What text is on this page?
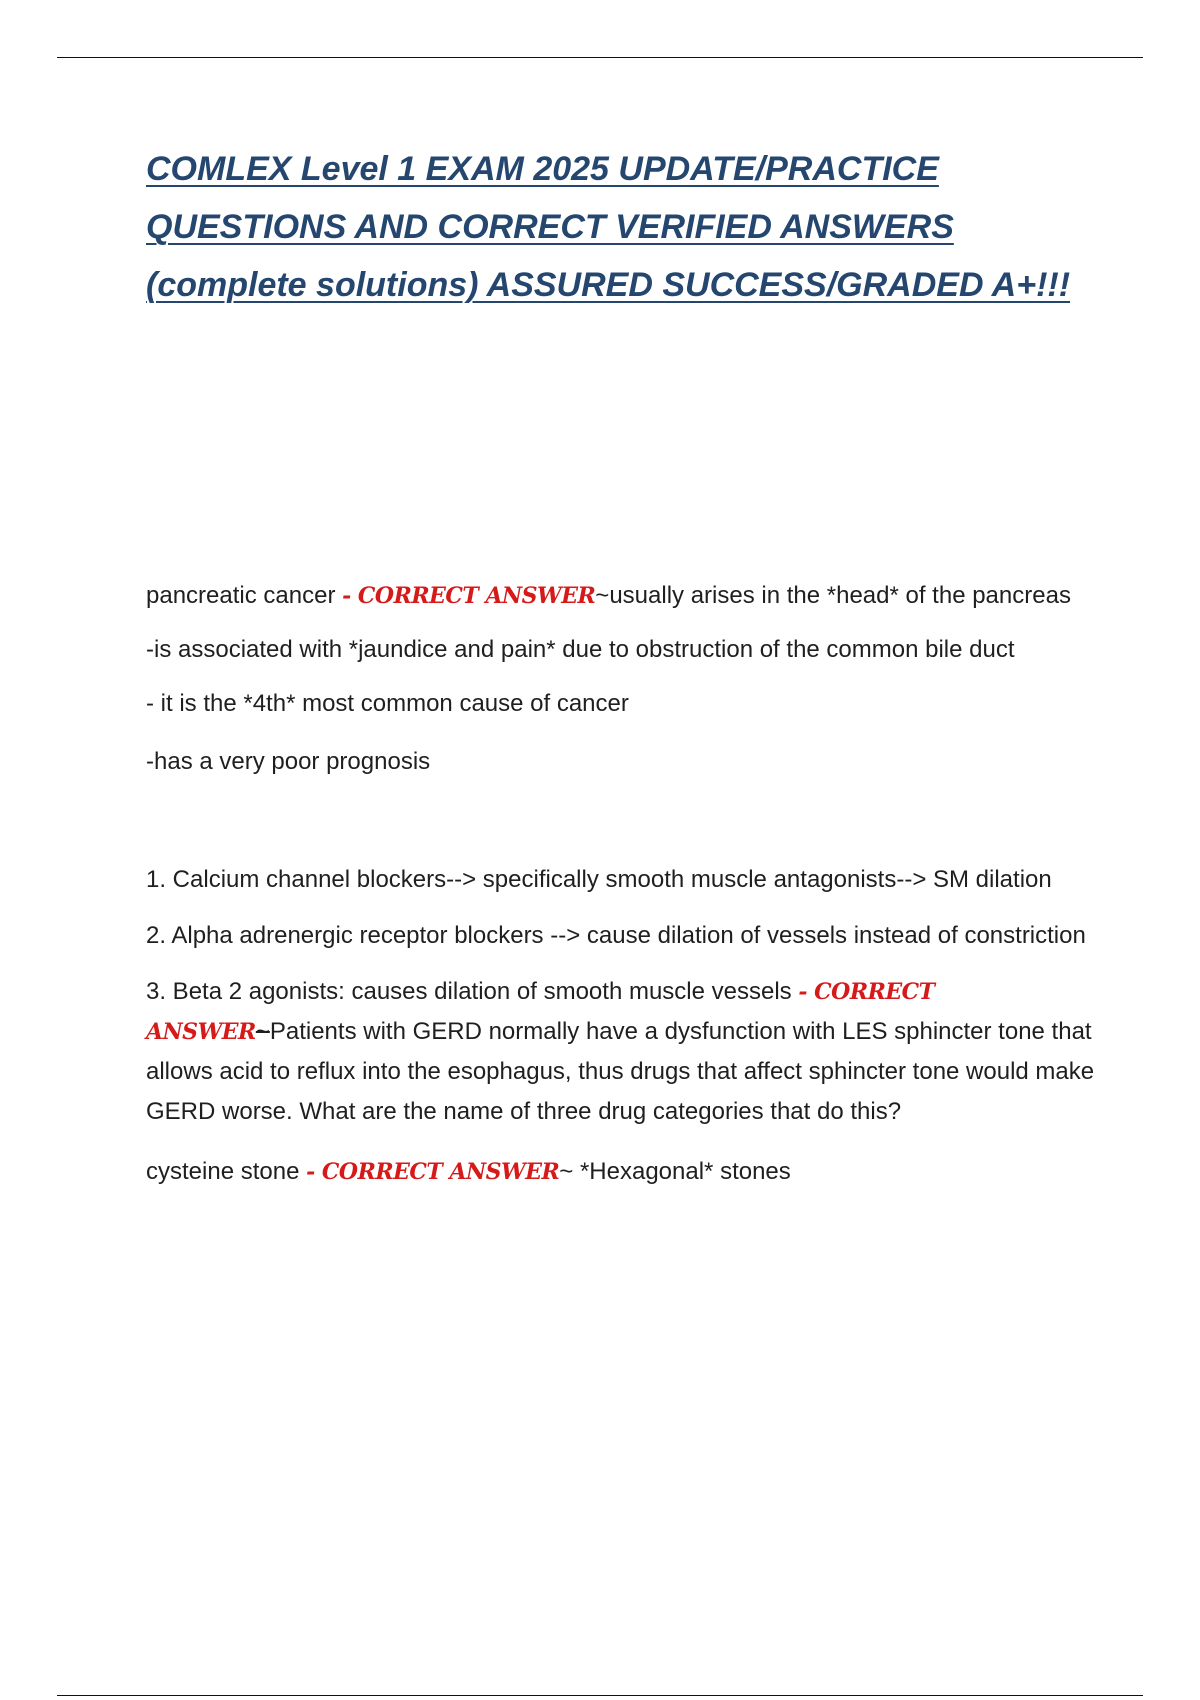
COMLEX Level 1 EXAM 2025 UPDATE/PRACTICE
QUESTIONS AND CORRECT VERIFIED ANSWERS
(complete solutions) ASSURED SUCCESS/GRADED A+!!!

pancreatic cancer - CORRECT ANSWER~usually arises in the *head* of the pancreas

-is associated with *jaundice and pain* due to obstruction of the common bile duct

- it is the *4th* most common cause of cancer

-has a very poor prognosis

1. Calcium channel blockers--> specifically smooth muscle antagonists--> SM dilation

2. Alpha adrenergic receptor blockers --> cause dilation of vessels instead of constriction

3. Beta 2 agonists: causes dilation of smooth muscle vessels - CORRECT ANSWER~Patients with GERD normally have a dysfunction with LES sphincter tone that allows acid to reflux into the esophagus, thus drugs that affect sphincter tone would make GERD worse. What are the name of three drug categories that do this?

cysteine stone - CORRECT ANSWER~ *Hexagonal* stones
